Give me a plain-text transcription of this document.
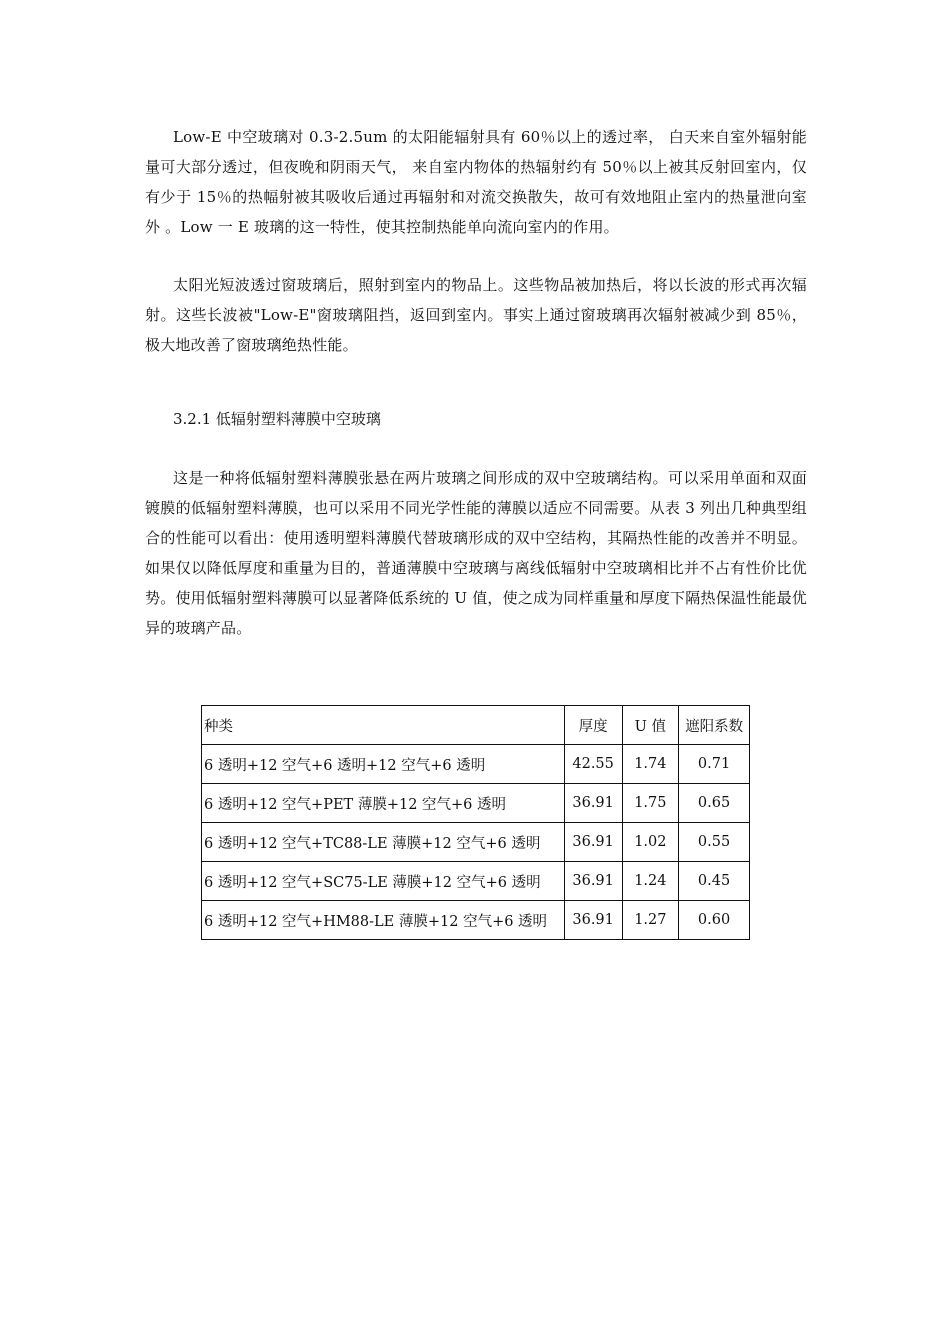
Low-E 中空玻璃对 0.3-2.5um 的太阳能辐射具有 60％以上的透过率， 白天来自室外辐射能量可大部分透过，但夜晚和阴雨天气， 来自室内物体的热辐射约有 50％以上被其反射回室内，仅有少于 15％的热幅射被其吸收后通过再辐射和对流交换散失，故可有效地阻止室内的热量泄向室外 。Low 一 E 玻璃的这一特性，使其控制热能单向流向室内的作用。

太阳光短波透过窗玻璃后，照射到室内的物品上。这些物品被加热后，将以长波的形式再次辐射。这些长波被"Low-E"窗玻璃阻挡，返回到室内。事实上通过窗玻璃再次辐射被减少到 85％，极大地改善了窗玻璃绝热性能。

3.2.1 低辐射塑料薄膜中空玻璃

这是一种将低辐射塑料薄膜张悬在两片玻璃之间形成的双中空玻璃结构。可以采用单面和双面镀膜的低辐射塑料薄膜，也可以采用不同光学性能的薄膜以适应不同需要。从表 3 列出几种典型组合的性能可以看出：使用透明塑料薄膜代替玻璃形成的双中空结构，其隔热性能的改善并不明显。如果仅以降低厚度和重量为目的，普通薄膜中空玻璃与离线低辐射中空玻璃相比并不占有性价比优势。使用低辐射塑料薄膜可以显著降低系统的 U 值，使之成为同样重量和厚度下隔热保温性能最优异的玻璃产品。

种类	厚度	U 值	遮阳系数
6 透明+12 空气+6 透明+12 空气+6 透明	42.55	1.74	0.71
6 透明+12 空气+PET 薄膜+12 空气+6 透明	36.91	1.75	0.65
6 透明+12 空气+TC88-LE 薄膜+12 空气+6 透明	36.91	1.02	0.55
6 透明+12 空气+SC75-LE 薄膜+12 空气+6 透明	36.91	1.24	0.45
6 透明+12 空气+HM88-LE 薄膜+12 空气+6 透明	36.91	1.27	0.60
